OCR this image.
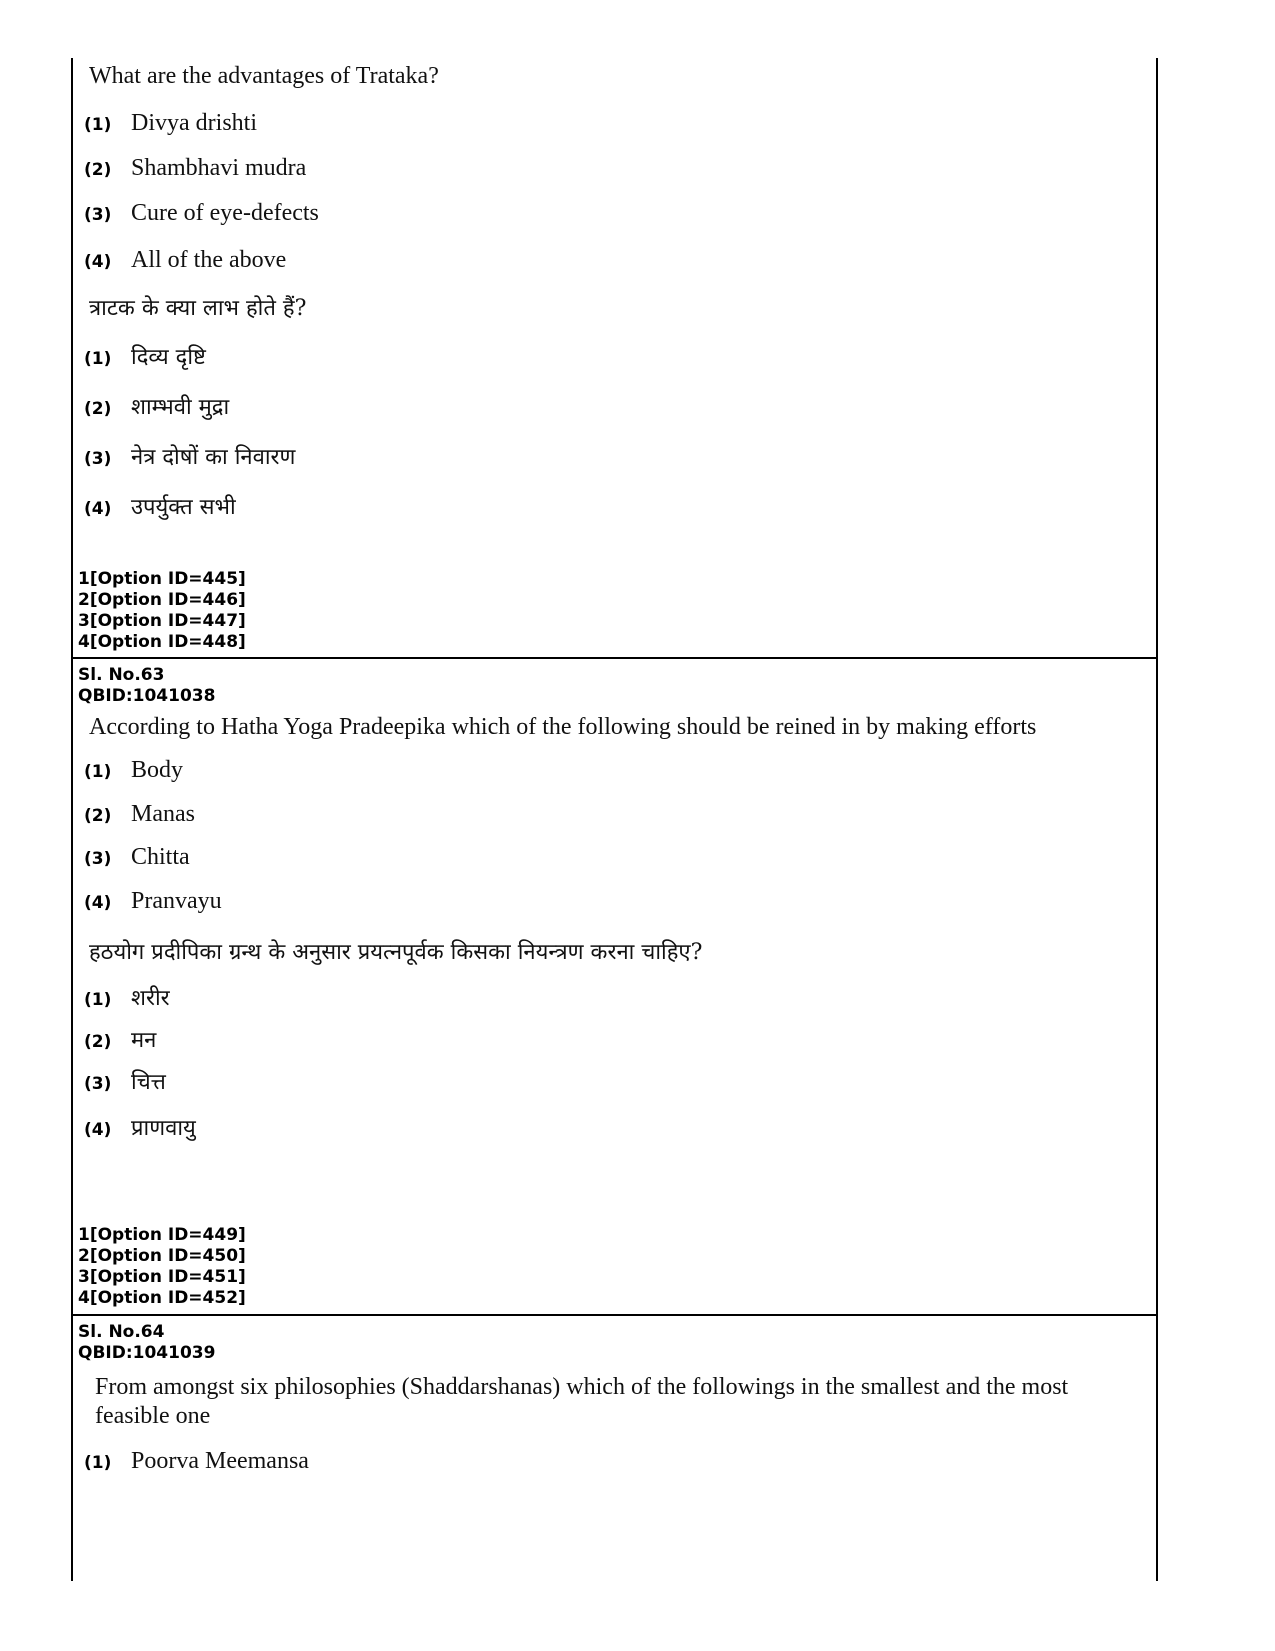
What are the advantages of Trataka?

(1) Divya drishti
(2) Shambhavi mudra
(3) Cure of eye-defects
(4) All of the above

त्राटक के क्या लाभ होते हैं?

(1) दिव्य दृष्टि
(2) शाम्भवी मुद्रा
(3) नेत्र दोषों का निवारण
(4) उपर्युक्त सभी
1[Option ID=445]
2[Option ID=446]
3[Option ID=447]
4[Option ID=448]
Sl. No.63
QBID:1041038

According to Hatha Yoga Pradeepika which of the following should be reined in by making efforts

(1) Body
(2) Manas
(3) Chitta
(4) Pranvayu

हठयोग प्रदीपिका ग्रन्थ के अनुसार प्रयत्नपूर्वक किसका नियन्त्रण करना चाहिए?

(1) शरीर
(2) मन
(3) चित्त
(4) प्राणवायु
1[Option ID=449]
2[Option ID=450]
3[Option ID=451]
4[Option ID=452]
Sl. No.64
QBID:1041039

From amongst six philosophies (Shaddarshanas) which of the followings in the smallest and the most feasible one

(1) Poorva Meemansa
